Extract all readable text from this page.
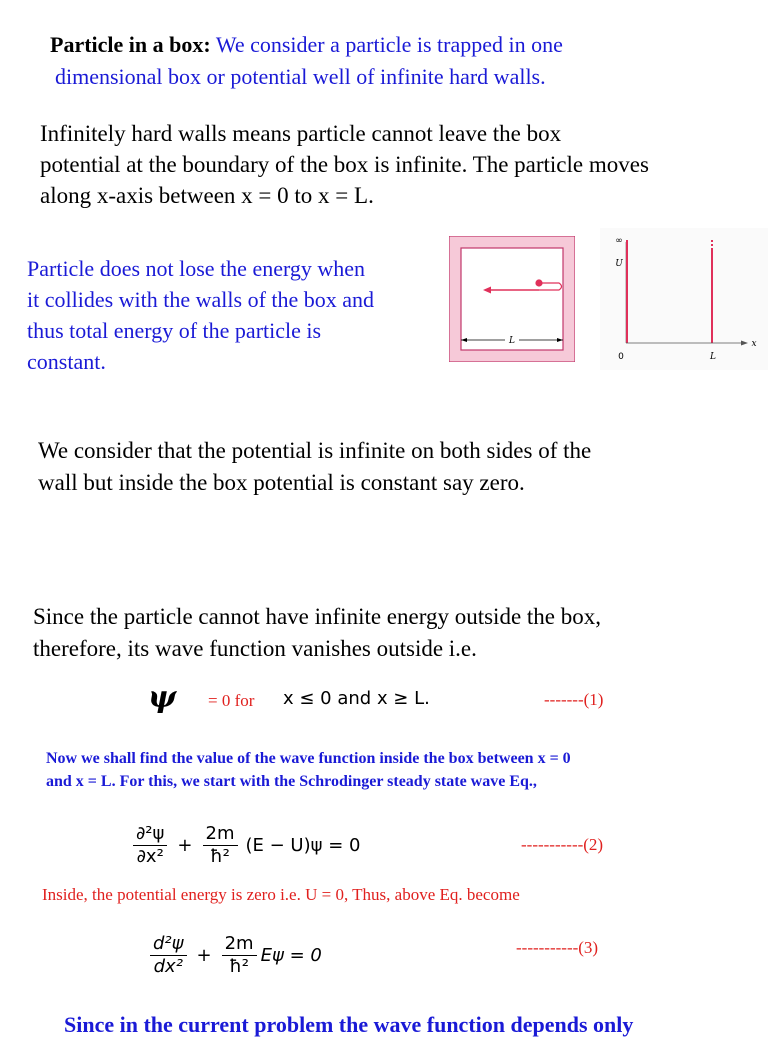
Particle in a box: We consider a particle is trapped in one
dimensional box or potential well of infinite hard walls.
Infinitely hard walls means particle cannot leave the box
potential at the boundary of the box is infinite. The particle moves
along x-axis between x = 0 to x = L.
Particle does not lose the energy when
it collides with the walls of the box and
thus total energy of the particle is
constant.
L
∞
U
x
0	L
We consider that the potential is infinite on both sides of the
wall but inside the box potential is constant say zero.
Since the particle cannot have infinite energy outside the box,
therefore, its wave function vanishes outside i.e.
ψ = 0 for x ≤ 0 and x ≥ L.	-------(1)
Now we shall find the value of the wave function inside the box between x = 0
and x = L. For this, we start with the Schrodinger steady state wave Eq.,
$\frac{\text{∂²ψ}}{\text{∂x²}} + \frac{2m}{\text{ħ²}} (E - U)\psi = 0$	-----------(2)
Inside, the potential energy is zero i.e. U = 0, Thus, above Eq. become
$\frac{\text{d²ψ}}{\text{dx²}} + \frac{2m}{\text{ħ²}}$ Eψ = 0	-----------(3)
Since in the current problem the wave function depends only
